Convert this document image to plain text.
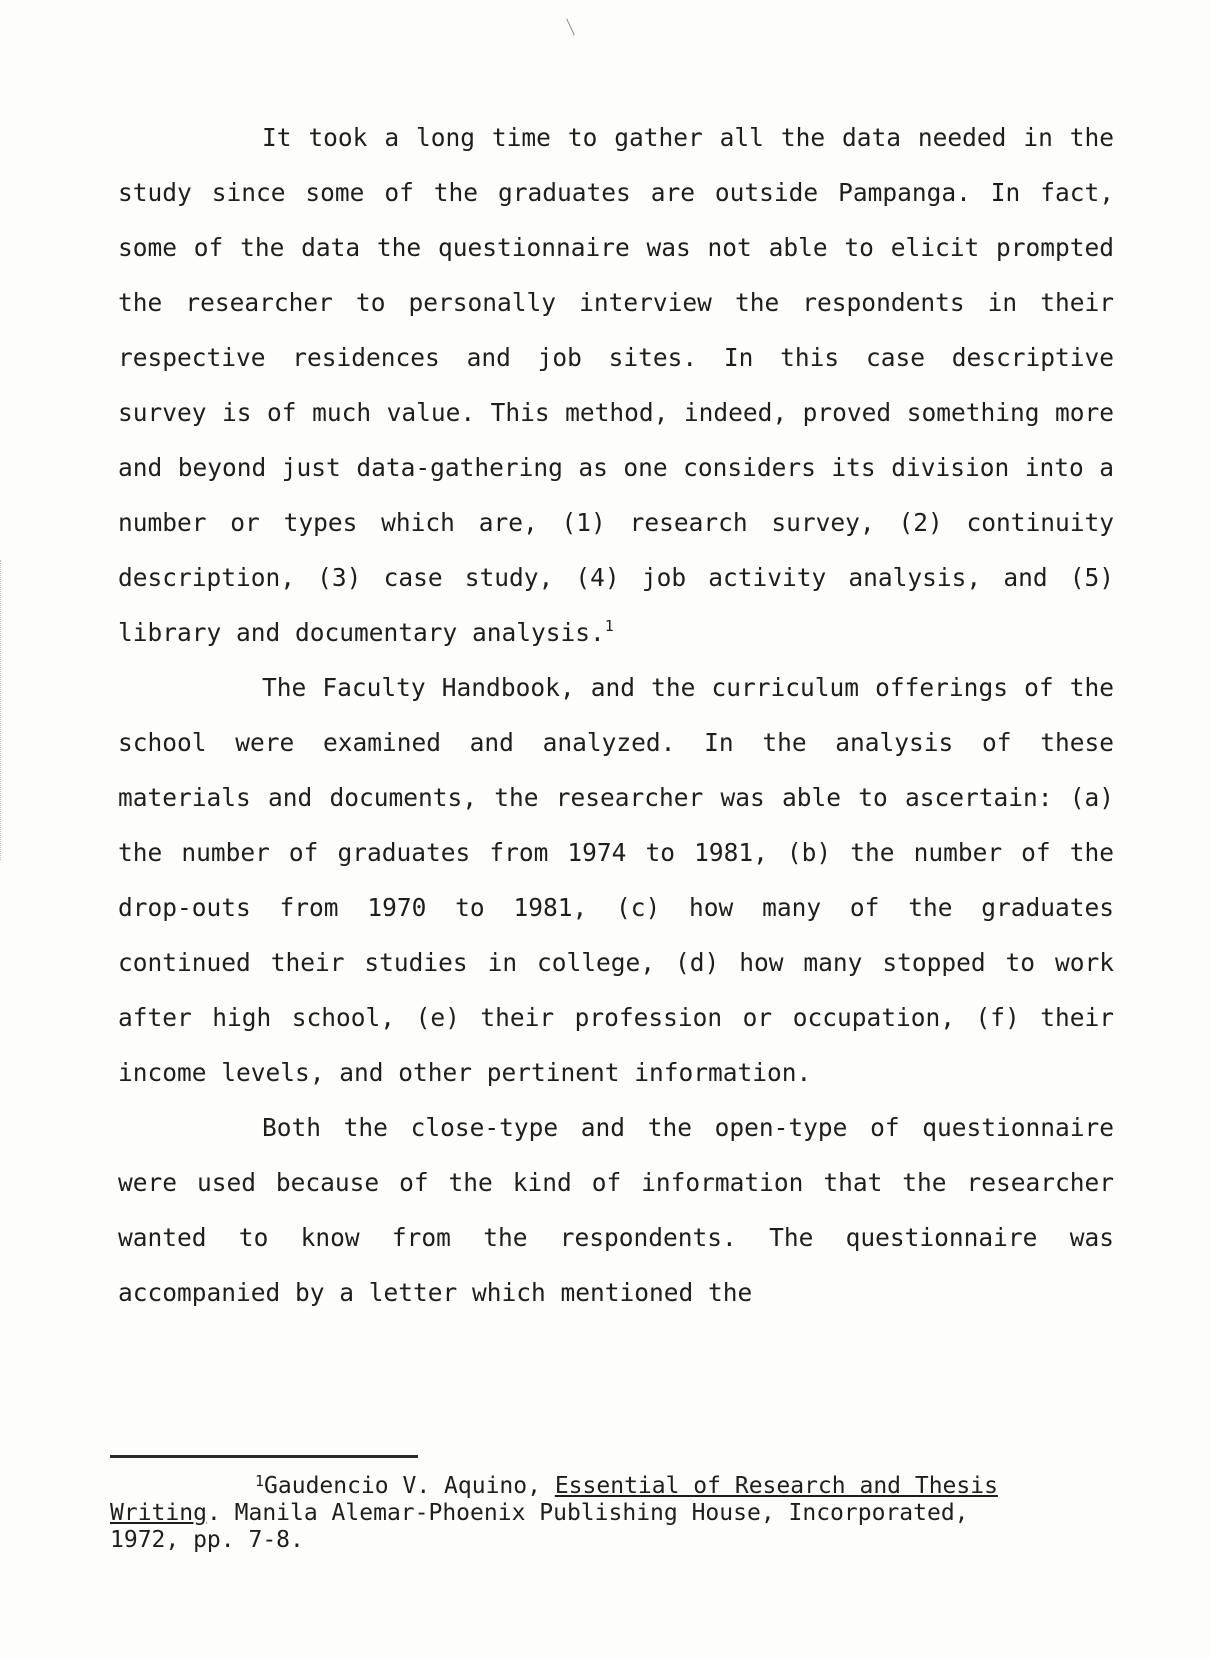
It took a long time to gather all the data needed in the study since some of the graduates are outside Pampanga. In fact, some of the data the questionnaire was not able to elicit prompted the researcher to personally interview the respondents in their respective residences and job sites. In this case descriptive survey is of much value. This method, indeed, proved something more and beyond just data-gathering as one considers its division into a number or types which are, (1) research survey, (2) continuity description, (3) case study, (4) job activity analysis, and (5) library and documentary analysis.$^1$

The Faculty Handbook, and the curriculum offerings of the school were examined and analyzed. In the analysis of these materials and documents, the researcher was able to ascertain: (a) the number of graduates from 1974 to 1981, (b) the number of the drop-outs from 1970 to 1981, (c) how many of the graduates continued their studies in college, (d) how many stopped to work after high school, (e) their profession or occupation, (f) their income levels, and other pertinent information.

Both the close-type and the open-type of questionnaire were used because of the kind of information that the researcher wanted to know from the respondents. The questionnaire was accompanied by a letter which mentioned the

$^1$Gaudencio V. Aquino, Essential of Research and Thesis Writing. Manila Alemar-Phoenix Publishing House, Incorporated, 1972, pp. 7-8.
